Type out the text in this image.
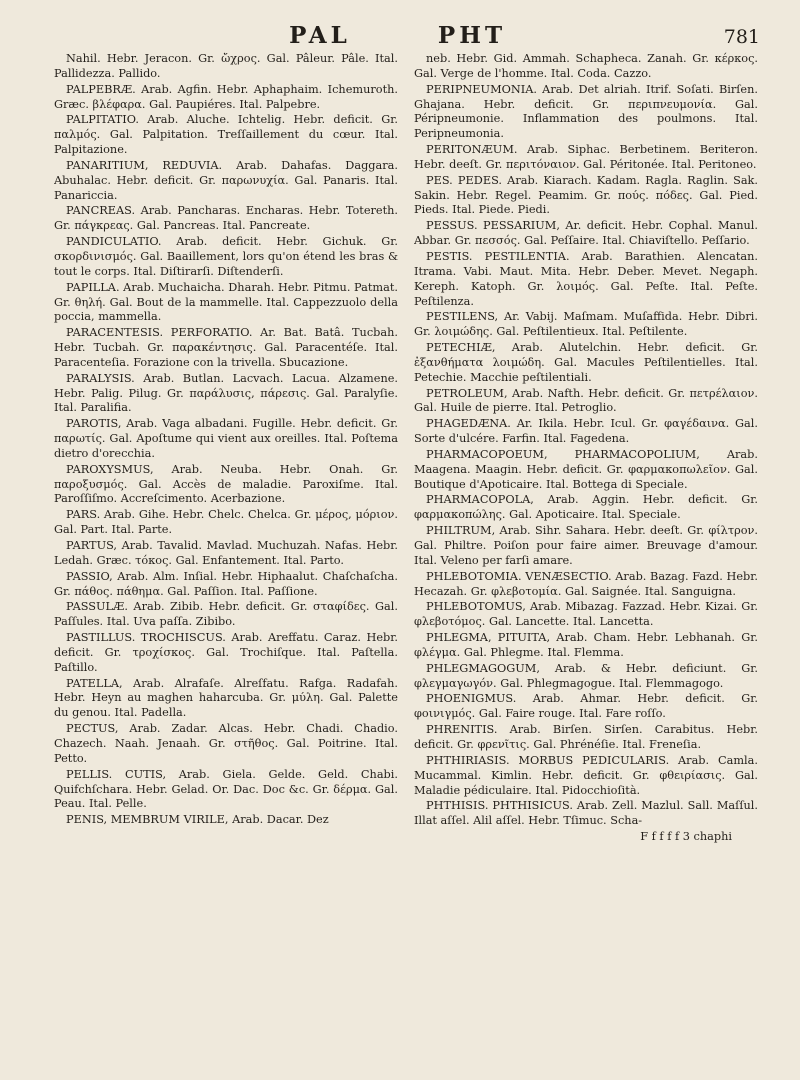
PAL	PHT	781

Nahil. Hebr. Jeracon. Gr. ὤχρος. Gal. Pâleur. Pâle. Ital. Pallidezza. Pallido.

PALPEBRÆ. Arab. Agfin. Hebr. Aphaphaim. Ichemuroth. Græc. βλέφαρα. Gal. Paupiéres. Ital. Palpebre.

PALPITATIO. Arab. Aluche. Ichtelig. Hebr. deficit. Gr. παλμός. Gal. Palpitation. Treſſaillement du cœur. Ital. Palpitazione.

PANARITIUM, REDUVIA. Arab. Dahafas. Daggara. Abuhalac. Hebr. deficit. Gr. παρωνυχία. Gal. Panaris. Ital. Panariccia.

PANCREAS. Arab. Pancharas. Encharas. Hebr. Totereth. Gr. πάγκρεας. Gal. Pancreas. Ital. Pancreate.

PANDICULATIO. Arab. deficit. Hebr. Gichuk. Gr. σκορδινισμός. Gal. Baaillement, lors qu'on étend les bras & tout le corps. Ital. Diſtirarſi. Diſtenderſi.

PAPILLA. Arab. Muchaicha. Dharah. Hebr. Pitmu. Patmat. Gr. θηλή. Gal. Bout de la mammelle. Ital. Cappezzuolo della poccia, mammella.

PARACENTESIS. PERFORATIO. Ar. Bat. Batâ. Tucbah. Hebr. Tucbah. Gr. παρακέντησις. Gal. Paracentéſe. Ital. Paracenteſia. Forazione con la trivella. Sbucazione.

PARALYSIS. Arab. Butlan. Lacvach. Lacua. Alzamene. Hebr. Palig. Pilug. Gr. παράλυσις, πάρεσις. Gal. Paralyſie. Ital. Paralifia.

PAROTIS, Arab. Vaga albadani. Fugille. Hebr. deficit. Gr. παρωτίς. Gal. Apoſtume qui vient aux oreilles. Ital. Poſtema dietro d'orecchia.

PAROXYSMUS, Arab. Neuba. Hebr. Onah. Gr. παροξυσμός. Gal. Accès de maladie. Paroxiſme. Ital. Paroſſiſmo. Accreſcimento. Acerbazione.

PARS. Arab. Gihe. Hebr. Chelc. Chelca. Gr. μέρος, μόριον. Gal. Part. Ital. Parte.

PARTUS, Arab. Tavalid. Mavlad. Muchuzah. Nafas. Hebr. Ledah. Græc. τόκος. Gal. Enfantement. Ital. Parto.

PASSIO, Arab. Alm. Inſial. Hebr. Hiphaalut. Chaſchaſcha. Gr. πάθος. πάθημα. Gal. Paſſion. Ital. Paſſione.

PASSULÆ. Arab. Zibib. Hebr. deficit. Gr. σταφίδες. Gal. Paſſules. Ital. Uva paſſa. Zibibo.

PASTILLUS. TROCHISCUS. Arab. Areffatu. Caraz. Hebr. deficit. Gr. τροχίσκος. Gal. Trochiſque. Ital. Paſtella. Paſtillo.

PATELLA, Arab. Alrafaſe. Alreſfatu. Rafga. Radafah. Hebr. Heyn au maghen haharcuba. Gr. μύλη. Gal. Palette du genou. Ital. Padella.

PECTUS, Arab. Zadar. Alcas. Hebr. Chadi. Chadio. Chazech. Naah. Jenaah. Gr. στῆθος. Gal. Poitrine. Ital. Petto.

PELLIS. CUTIS, Arab. Giela. Gelde. Geld. Chabi. Quifchſchara. Hebr. Gelad. Or. Dac. Doc &c. Gr. δέρμα. Gal. Peau. Ital. Pelle.

PENIS, MEMBRUM VIRILE, Arab. Dacar. Dez

neb. Hebr. Gid. Ammah. Schapheca. Zanah. Gr. κέρκος. Gal. Verge de l'homme. Ital. Coda. Cazzo.

PERIPNEUMONIA. Arab. Det alriah. Itrif. Soſati. Birſen. Ghajana. Hebr. deficit. Gr. περιπνευμονία. Gal. Péripneumonie. Inflammation des poulmons. Ital. Peripneumonia.

PERITONÆUM. Arab. Siphac. Berbetinem. Beriteron. Hebr. deeſt. Gr. περιτόναιον. Gal. Péritonée. Ital. Peritoneo.

PES. PEDES. Arab. Kiarach. Kadam. Ragla. Raglin. Sak. Sakin. Hebr. Regel. Peamim. Gr. πούς. πόδες. Gal. Pied. Pieds. Ital. Piede. Piedi.

PESSUS. PESSARIUM, Ar. deficit. Hebr. Cophal. Manul. Abbar. Gr. πεσσός. Gal. Peſſaire. Ital. Chiaviſtello. Peſſario.

PESTIS. PESTILENTIA. Arab. Barathien. Alencatan. Itrama. Vabi. Maut. Mita. Hebr. Deber. Mevet. Negaph. Kereph. Katoph. Gr. λοιμός. Gal. Peſte. Ital. Peſte. Peſtilenza.

PESTILENS, Ar. Vabij. Maſmam. Muſaffida. Hebr. Dibri. Gr. λοιμώδης. Gal. Peſtilentieux. Ital. Peſtilente.

PETECHIÆ, Arab. Alutelchin. Hebr. deficit. Gr. ἐξανθήματα λοιμώδη. Gal. Macules Peſtilentielles. Ital. Petechie. Macchie peſtilentiali.

PETROLEUM, Arab. Nafth. Hebr. deficit. Gr. πετρέλαιον. Gal. Huile de pierre. Ital. Petroglio.

PHAGEDÆNA. Ar. Ikila. Hebr. Icul. Gr. φαγέδαινα. Gal. Sorte d'ulcére. Farfin. Ital. Fagedena.

PHARMACOPOEUM, PHARMACOPOLIUM, Arab. Maagena. Maagin. Hebr. deficit. Gr. φαρμακοπωλεῖον. Gal. Boutique d'Apoticaire. Ital. Bottega di Speciale.

PHARMACOPOLA, Arab. Aggin. Hebr. deficit. Gr. φαρμακοπώλης. Gal. Apoticaire. Ital. Speciale.

PHILTRUM, Arab. Sihr. Sahara. Hebr. deeſt. Gr. φίλτρον. Gal. Philtre. Poiſon pour faire aimer. Breuvage d'amour. Ital. Veleno per farſi amare.

PHLEBOTOMIA. VENÆSECTIO. Arab. Bazag. Fazd. Hebr. Hecazah. Gr. φλεβοτομία. Gal. Saignée. Ital. Sanguigna.

PHLEBOTOMUS, Arab. Mibazag. Fazzad. Hebr. Kizai. Gr. φλεβοτόμος. Gal. Lancette. Ital. Lancetta.

PHLEGMA, PITUITA, Arab. Cham. Hebr. Lebhanah. Gr. φλέγμα. Gal. Phlegme. Ital. Flemma.

PHLEGMAGOGUM, Arab. & Hebr. deficiunt. Gr. φλεγμαγωγόν. Gal. Phlegmagogue. Ital. Flemmagogo.

PHOENIGMUS. Arab. Ahmar. Hebr. deficit. Gr. φοινιγμός. Gal. Faire rouge. Ital. Fare roſſo.

PHRENITIS. Arab. Birſen. Sirſen. Carabitus. Hebr. deficit. Gr. φρενῖτις. Gal. Phrénéſie. Ital. Freneſia.

PHTHIRIASIS. MORBUS PEDICULARIS. Arab. Camla. Mucammal. Kimlin. Hebr. deficit. Gr. φθειρίασις. Gal. Maladie pédiculaire. Ital. Pidocchioſità.

PHTHISIS. PHTHISICUS. Arab. Zell. Mazlul. Sall. Maſſul. Illat aſſel. Alil aſſel. Hebr. Tſimuc. Scha-

F f f f f 3 chaphi
